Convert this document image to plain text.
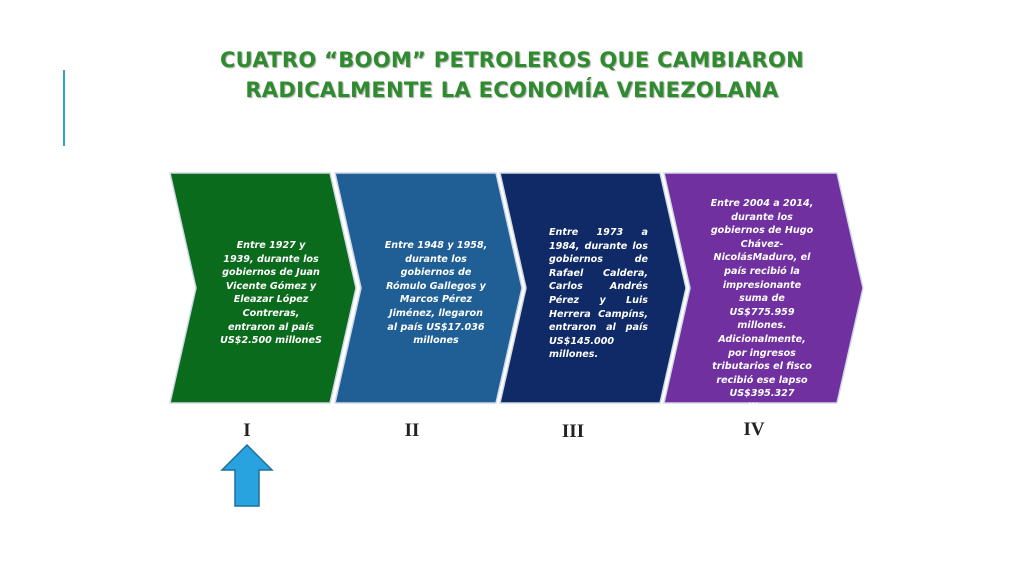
CUATRO “BOOM” PETROLEROS QUE CAMBIARON
RADICALMENTE LA ECONOMÍA VENEZOLANA
Entre 1927 y 1939, durante los gobiernos de Juan Vicente Gómez y Eleazar López Contreras, entraron al país US$2.500 milloneS
Entre 1948 y 1958, durante los gobiernos de Rómulo Gallegos y Marcos Pérez Jiménez, llegaron al país US$17.036 millones
Entre 1973 a 1984, durante los gobiernos de Rafael Caldera, Carlos Andrés Pérez y Luis Herrera Campíns, entraron al país US$145.000 millones.
Entre 2004 a 2014, durante los gobiernos de Hugo Chávez-NicolásMaduro, el país recibió la impresionante suma de US$775.959 millones. Adicionalmente, por ingresos tributarios el fisco recibió ese lapso US$395.327 millones.
I	II	III	IV
